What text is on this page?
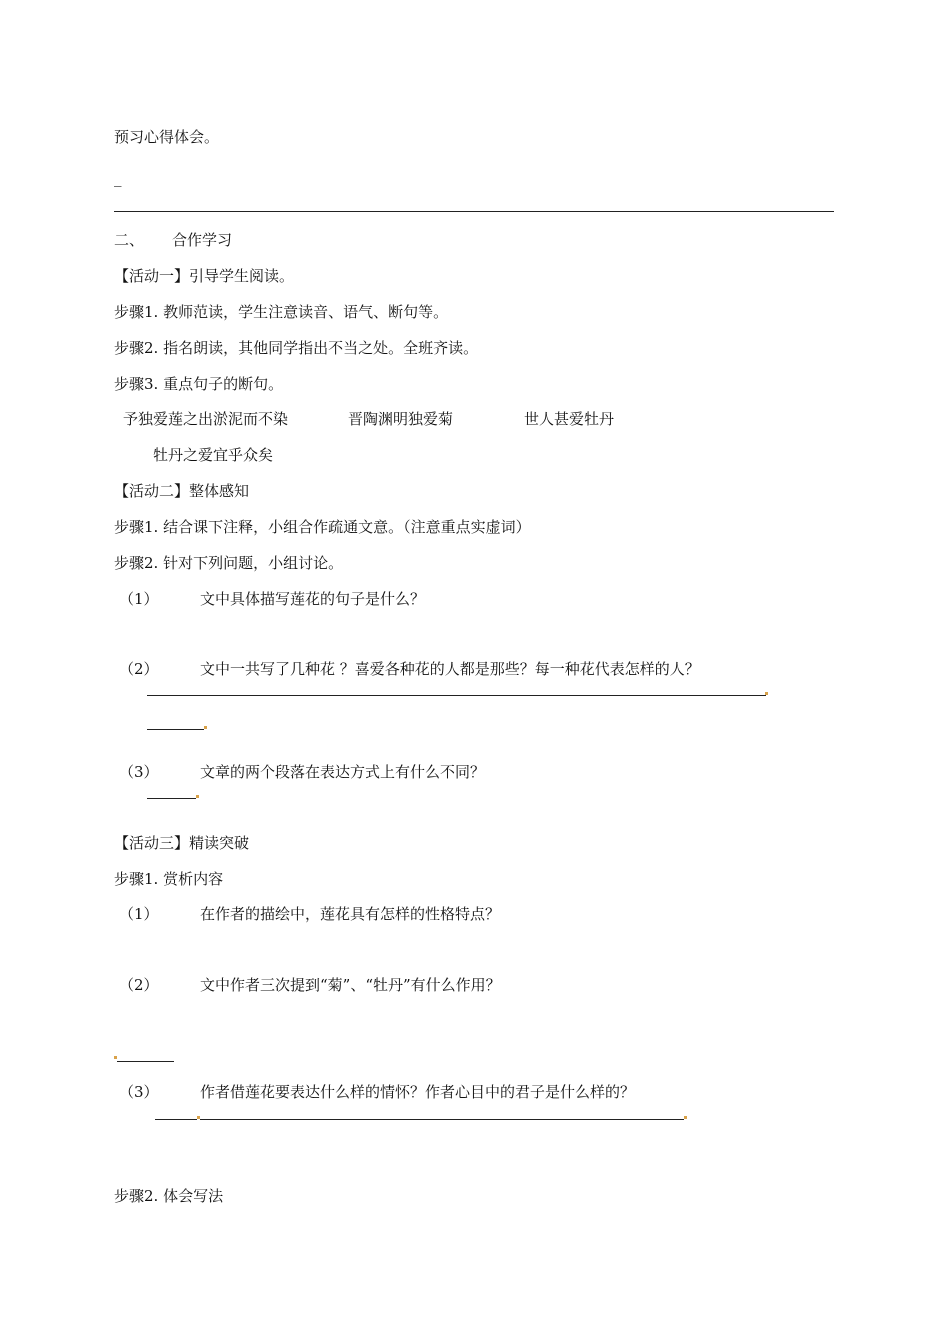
预习心得体会。
_
二、 合作学习
【活动一】引导学生阅读。
步骤1. 教师范读，学生注意读音、语气、断句等。
步骤2. 指名朗读，其他同学指出不当之处。全班齐读。
步骤3. 重点句子的断句。
予独爱莲之出淤泥而不染	晋陶渊明独爱菊	世人甚爱牡丹
牡丹之爱宜乎众矣
【活动二】整体感知
步骤1. 结合课下注释，小组合作疏通文意。（注意重点实虚词）
步骤2. 针对下列问题，小组讨论。
（1）	文中具体描写莲花的句子是什么？
（2）	文中一共写了几种花 ？喜爱各种花的人都是那些？每一种花代表怎样的人？
（3）	文章的两个段落在表达方式上有什么不同？
【活动三】精读突破
步骤1. 赏析内容
（1）	在作者的描绘中，莲花具有怎样的性格特点？
（2）	文中作者三次提到“菊”、“牡丹”有什么作用？
（3）	作者借莲花要表达什么样的情怀？作者心目中的君子是什么样的？
步骤2. 体会写法
